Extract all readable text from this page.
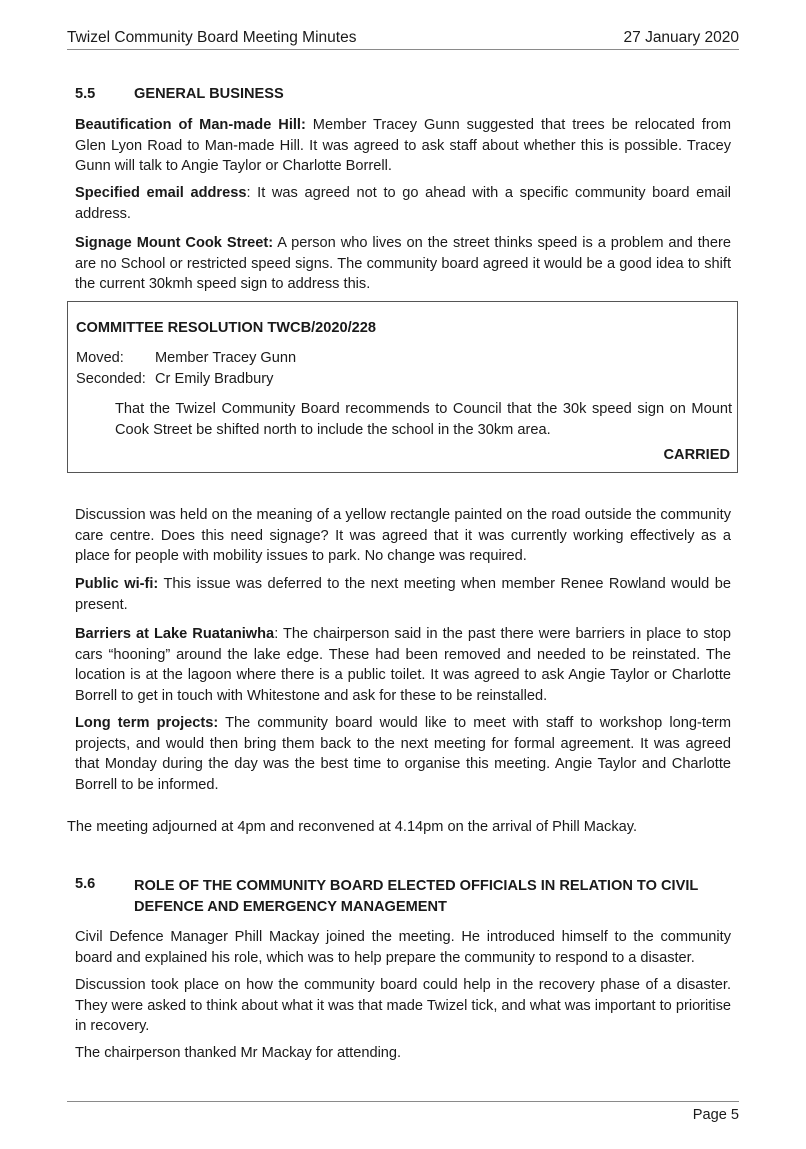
Twizel Community Board Meeting Minutes	27 January 2020
5.5	GENERAL BUSINESS
Beautification of Man-made Hill: Member Tracey Gunn suggested that trees be relocated from Glen Lyon Road to Man-made Hill. It was agreed to ask staff about whether this is possible. Tracey Gunn will talk to Angie Taylor or Charlotte Borrell.
Specified email address: It was agreed not to go ahead with a specific community board email address.
Signage Mount Cook Street: A person who lives on the street thinks speed is a problem and there are no School or restricted speed signs. The community board agreed it would be a good idea to shift the current 30kmh speed sign to address this.
COMMITTEE RESOLUTION TWCB/2020/228
Moved: Member Tracey Gunn
Seconded: Cr Emily Bradbury
That the Twizel Community Board recommends to Council that the 30k speed sign on Mount Cook Street be shifted north to include the school in the 30km area.
CARRIED
Discussion was held on the meaning of a yellow rectangle painted on the road outside the community care centre. Does this need signage? It was agreed that it was currently working effectively as a place for people with mobility issues to park. No change was required.
Public wi-fi: This issue was deferred to the next meeting when member Renee Rowland would be present.
Barriers at Lake Ruataniwha: The chairperson said in the past there were barriers in place to stop cars “hooning” around the lake edge. These had been removed and needed to be reinstated. The location is at the lagoon where there is a public toilet. It was agreed to ask Angie Taylor or Charlotte Borrell to get in touch with Whitestone and ask for these to be reinstalled.
Long term projects: The community board would like to meet with staff to workshop long-term projects, and would then bring them back to the next meeting for formal agreement. It was agreed that Monday during the day was the best time to organise this meeting. Angie Taylor and Charlotte Borrell to be informed.
The meeting adjourned at 4pm and reconvened at 4.14pm on the arrival of Phill Mackay.
5.6	ROLE OF THE COMMUNITY BOARD ELECTED OFFICIALS IN RELATION TO CIVIL DEFENCE AND EMERGENCY MANAGEMENT
Civil Defence Manager Phill Mackay joined the meeting. He introduced himself to the community board and explained his role, which was to help prepare the community to respond to a disaster.
Discussion took place on how the community board could help in the recovery phase of a disaster. They were asked to think about what it was that made Twizel tick, and what was important to prioritise in recovery.
The chairperson thanked Mr Mackay for attending.
Page 5
